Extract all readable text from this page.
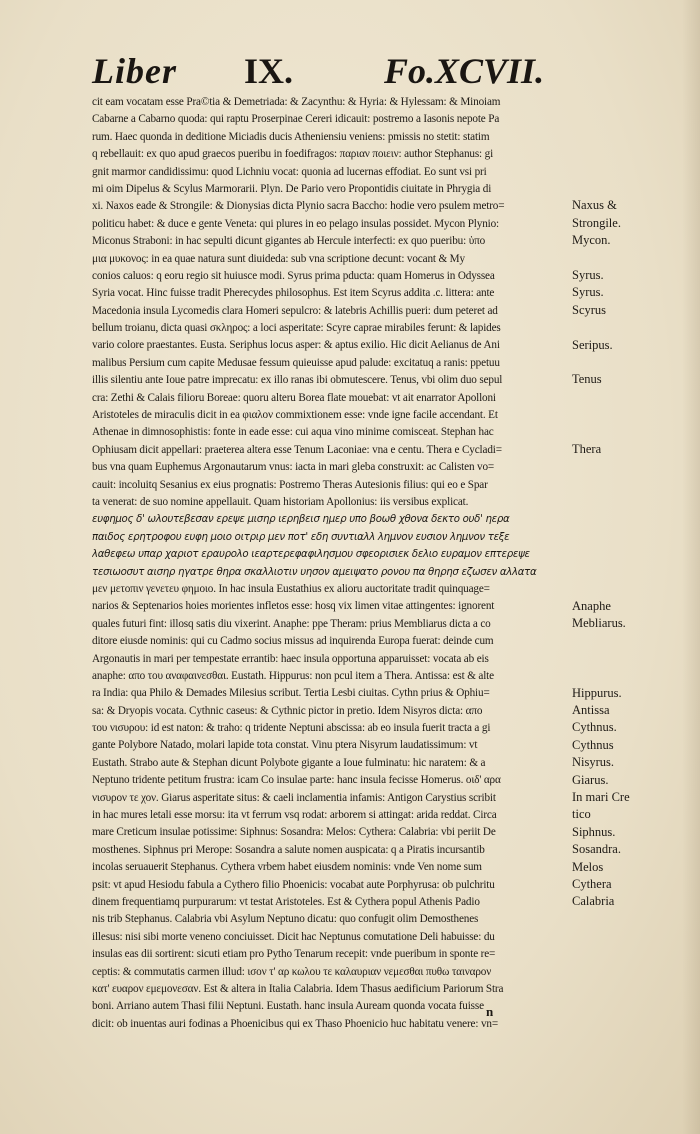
Liber IX.	Fo.XCVII.
cit eam vocatam esse Pra©tia & Demetriada: & Zacynthu: & Hyria: & Hylessam: & Minoiam
Cabarne a Cabarno quoda: qui raptu Proserpinae Cereri idicauit: postremo a Iasonis nepote Pa
rum. Haec quonda in deditione Miciadis ducis Atheniensiu veniens: pmissis no stetit: statim
q rebellauit: ex quo apud graecos pueribu in foedifragos: παριαν ποιειν: author Stephanus: gi
gnit marmor candidissimu: quod Lichniu vocat: quonia ad lucernas effodiat. Eo sunt vsi pri
mi oim Dipelus & Scylus Marmorarii. Plyn. De Pario vero Propontidis ciuitate in Phrygia di
xi. Naxos eade & Strongile: & Dionysias dicta Plynio sacra Baccho: hodie vero psulem metro=
politicu habet: & duce e gente Veneta: qui plures in eo pelago insulas possidet. Mycon Plynio:
Miconus Straboni: in hac sepulti dicunt gigantes ab Hercule interfecti: ex quo pueribu: ὑπο
μια μυκονος: in ea quae natura sunt diuideda: sub vna scriptione decunt: vocant & My
conios caluos: q eoru regio sit huiusce modi. Syrus prima pducta: quam Homerus in Odyssea
Syria vocat. Hinc fuisse tradit Pherecydes philosophus. Est item Scyrus addita .c. littera: ante
Macedonia insula Lycomedis clara Homeri sepulcro: & latebris Achillis pueri: dum peteret ad
bellum troianu, dicta quasi σκληρος: a loci asperitate: Scyre caprae mirabiles ferunt: & lapides
vario colore praestantes. Eusta. Seriphus locus asper: & aptus exilio. Hic dicit Aelianus de Ani
malibus Persium cum capite Medusae fessum quieuisse apud palude: excitatuq a ranis: ppetuu
illis silentiu ante Ioue patre imprecatu: ex illo ranas ibi obmutescere. Tenus, vbi olim duo sepul
cra: Zethi & Calais filioru Boreae: quoru alteru Borea flate mouebat: vt ait enarrator Apolloni
Aristoteles de miraculis dicit in ea φιαλον commixtionem esse: vnde igne facile accendant. Et
Athenae in dimnosophistis: fonte in eade esse: cui aqua vino minime comisceat. Stephan hac
Ophiusam dicit appellari: praeterea altera esse Tenum Laconiae: vna e centu. Thera e Cycladi=
bus vna quam Euphemus Argonautarum vnus: iacta in mari gleba construxit: ac Calisten vo=
cauit: incoluitq Sesanius ex eius prognatis: Postremo Theras Autesionis filius: qui eo e Spar
ta venerat: de suo nomine appellauit. Quam historiam Apollonius: iis versibus explicat.
ευφημος δ' ωλουτεβεσαν ερεψε μισηρ ιερηβεισ ημερ υπο βοωθ χθονα δεκτο ουδ' ηερα
παιδος ερητροφου ευφη μοιο οιτριρ μεν ποτ' εδη συντιαλλ λημνον ευσιον λημνον τεξε
λαθεφεω υπαρ χαριοτ εραυρολο ιεαρτερεφαφιλησμου σφεορισιεκ δελιο ευραμον επτερεψε
τεσιωοσυτ αισηρ ηγατρε θηρα σκαλλιοτιν υησον αμειψατο ρονου πα θηρησ εζωσεν αλλατα
μεν μετοπιν γενετευ φημοιο. In hac insula Eustathius ex alioru auctoritate tradit quinquage=
narios & Septenarios hoies morientes infletos esse: hosq vix limen vitae attingentes: ignorent
quales futuri fint: illosq satis diu vixerint. Anaphe: ppe Theram: prius Membliarus dicta a co
ditore eiusde nominis: qui cu Cadmo socius missus ad inquirenda Europa fuerat: deinde cum
Argonautis in mari per tempestate errantib: haec insula opportuna apparuisset: vocata ab eis
anaphe: απο του αναφαινεσθαι. Eustath. Hippurus: non pcul item a Thera. Antissa: est & alte
ra India: qua Philo & Demades Milesius scribut. Tertia Lesbi ciuitas. Cythn prius & Ophiu=
sa: & Dryopis vocata. Cythnic caseus: & Cythnic pictor in pretio. Idem Nisyros dicta: απο
του νισυρου: id est naton: & traho: q tridente Neptuni abscissa: ab eo insula fuerit tracta a gi
gante Polybore Natado, molari lapide tota constat. Vinu ptera Nisyrum laudatissimum: vt
Eustath. Strabo aute & Stephan dicunt Polybote gigante a Ioue fulminatu: hic naratem: & a
Neptuno tridente petitum frustra: icam Co insulae parte: hanc insula fecisse Homerus. οιδ' αρα
νισυρον τε χον. Giarus asperitate situs: & caeli inclamentia infamis: Antigon Carystius scribit
in hac mures letali esse morsu: ita vt ferrum vsq rodat: arborem si attingat: arida reddat. Circa
mare Creticum insulae potissime: Siphnus: Sosandra: Melos: Cythera: Calabria: vbi periit De
mosthenes. Siphnus pri Merope: Sosandra a salute nomen auspicata: q a Piratis incursantib
incolas seruauerit Stephanus. Cythera vrbem habet eiusdem nominis: vnde Ven nome sum
psit: vt apud Hesiodu fabula a Cythero filio Phoenicis: vocabat aute Porphyrusa: ob pulchritu
dinem frequentiamq purpurarum: vt testat Aristoteles. Est & Cythera popul Athenis Padio
nis trib Stephanus. Calabria vbi Asylum Neptuno dicatu: quo confugit olim Demosthenes
illesus: nisi sibi morte veneno conciuisset. Dicit hac Neptunus comutatione Deli habuisse: du
insulas eas dii sortirent: sicuti etiam pro Pytho Tenarum recepit: vnde pueribum in sponte re=
ceptis: & commutatis carmen illud: ισον τ' αρ κωλου τε καλαυριαν νεμεσθαι πυθω ταιναρον
κατ' ευαρον εμεμονεσαν. Est & altera in Italia Calabria. Idem Thasus aedificium Pariorum Stra
boni. Arriano autem Thasi filii Neptuni. Eustath. hanc insula Auream quonda vocata fuisse
dicit: ob inuentas auri fodinas a Phoenicibus qui ex Thaso Phoenicio huc habitatu venere: vn=
Naxus &
Strongile.
Mycon.
Syrus.
Syrus.
Scyrus
Seripus.
Tenus
Thera
Anaphe
Mebliarus.
Hippurus.
Antissa
Cythnus.
Cythnus
Nisyrus.
Giarus.
In mari Cre
tico
Siphnus.
Sosandra.
Melos
Cythera
Calabria
n
